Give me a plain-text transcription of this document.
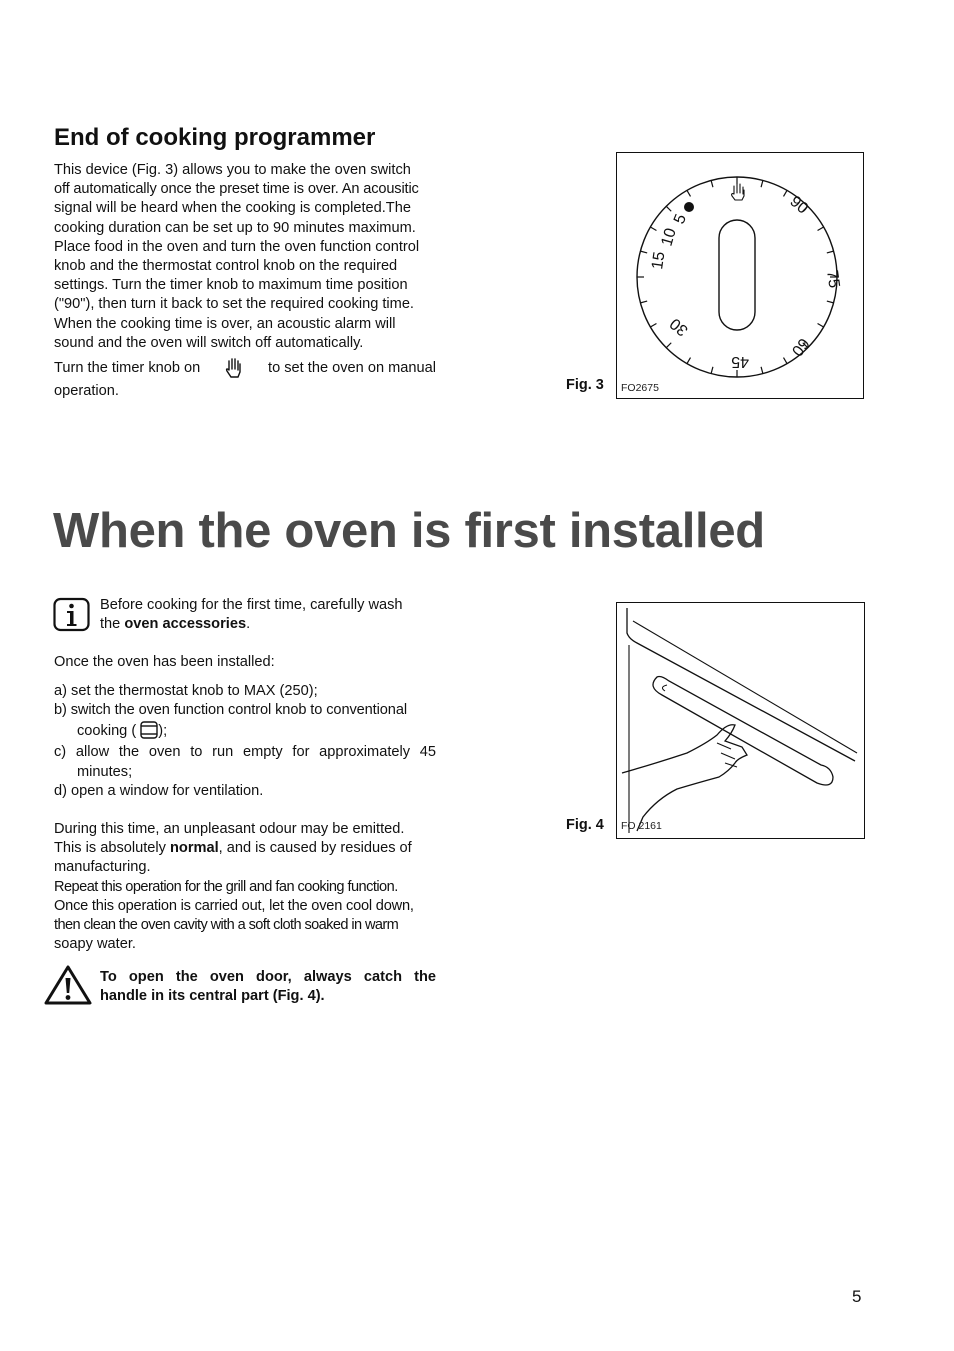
End of cooking programmer

This device (Fig. 3) allows you to make the oven switch

off automatically once the preset time is over. An acousitic

signal will be heard when the cooking is completed.The

cooking duration can be set up to 90 minutes maximum.

Place food in the oven and turn the oven function control

knob and the thermostat control knob on the required

settings. Turn the timer knob to maximum time position

("90"), then turn it back to set the required cooking time.

When the cooking time is over, an acoustic alarm will

sound and the oven will switch off automatically.

Turn the timer knob on	to set the oven on manual
operation.	Fig. 3
5
10
15
30
45
60
75
90
FO2675
When the oven is first installed
Before cooking for the first time, carefully wash
the oven accessories.
Once the oven has been installed:
a) set the thermostat knob to MAX (250);
b) switch the oven function control knob to conventional
cooking ( );
c) allow the oven to run empty for approximately 45
minutes;
d) open a window for ventilation.
During this time, an unpleasant odour may be emitted.
This is absolutely normal, and is caused by residues of
manufacturing.
Repeat this operation for the grill and fan cooking function.
Once this operation is carried out, let the oven cool down,
then clean the oven cavity with a soft cloth soaked in warm
soapy water.
To open the oven door, always catch the
handle in its central part (Fig. 4).
Fig. 4 FO 2161
5
